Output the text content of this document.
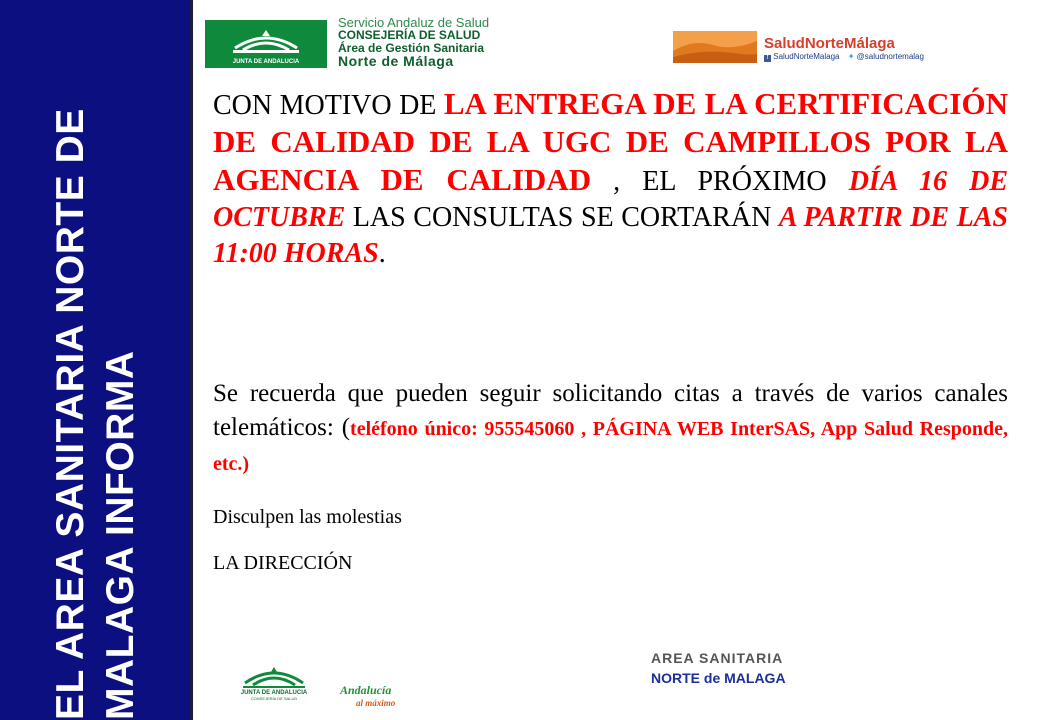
EL AREA SANITARIA NORTE DE MALAGA INFORMA
JUNTA DE ANDALUCIA
Servicio Andaluz de Salud
CONSEJERÍA DE SALUD
Área de Gestión Sanitaria
Norte de Málaga
SaludNorteMálaga
f SaludNorteMalaga ✦ @saludnortemalag
CON MOTIVO DE LA ENTREGA DE LA CERTIFICACIÓN DE CALIDAD DE LA UGC DE CAMPILLOS POR LA AGENCIA DE CALIDAD , EL PRÓXIMO DÍA 16 DE OCTUBRE LAS CONSULTAS SE CORTARÁN A PARTIR DE LAS 11:00 HORAS.
Se recuerda que pueden seguir solicitando citas a través de varios canales telemáticos: (teléfono único: 955545060 , PÁGINA WEB InterSAS, App Salud Responde, etc.)
Disculpen las molestias
LA DIRECCIÓN
JUNTA DE ANDALUCIA
CONSEJERÍA DE SALUD
Andalucía
al máximo
AREA SANITARIA
NORTE de MALAGA
